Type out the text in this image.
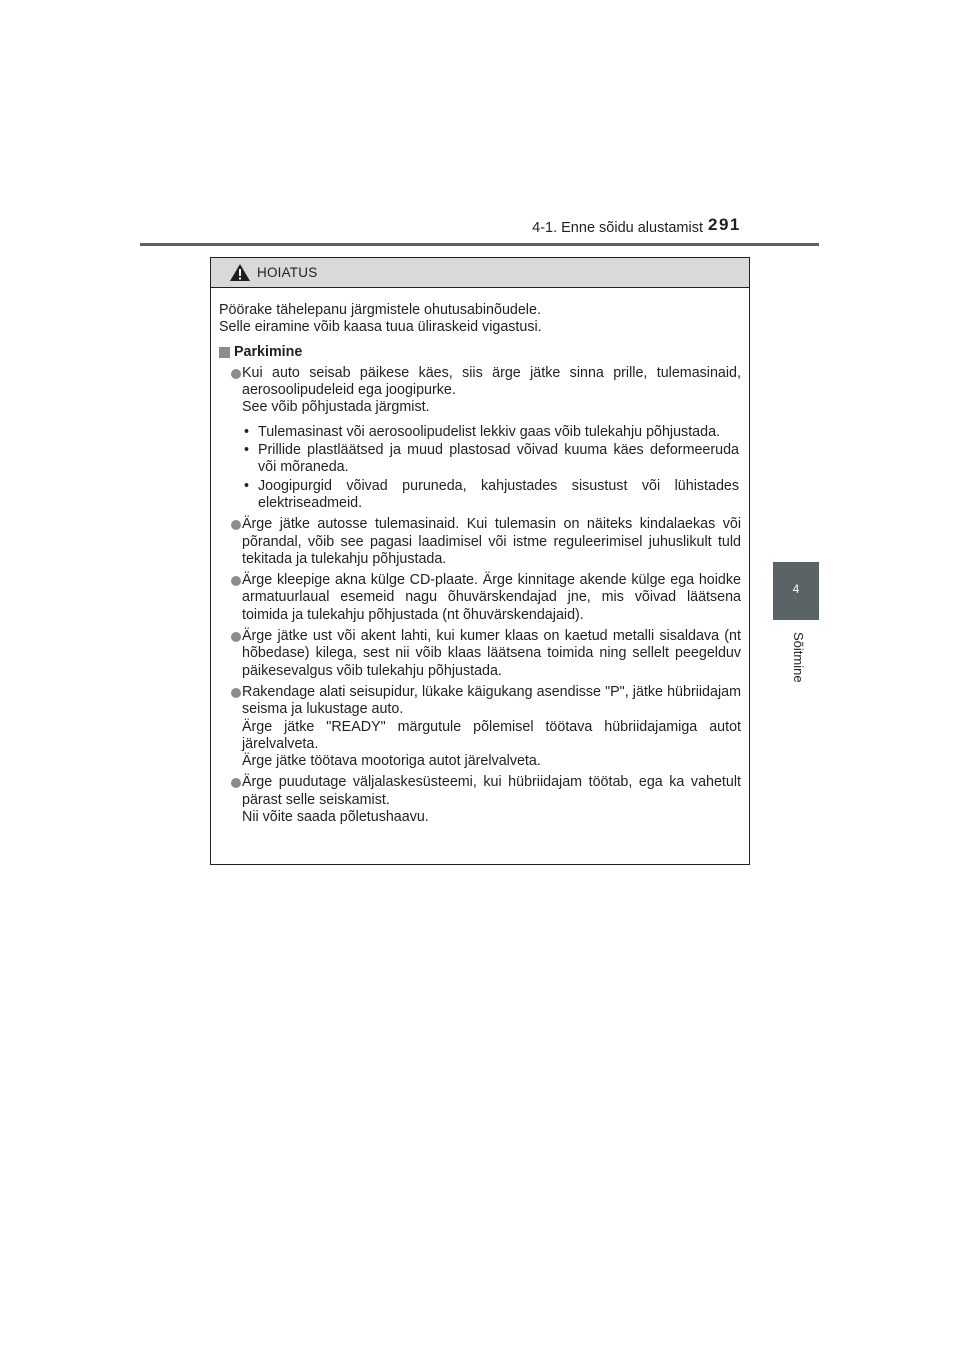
4-1. Enne sõidu alustamist 291
4
Sõitmine
HOIATUS

Pöörake tähelepanu järgmistele ohutusabinõudele.

Selle eiramine võib kaasa tuua üliraskeid vigastusi.

Parkimine

Kui auto seisab päikese käes, siis ärge jätke sinna prille, tulemasinaid, aerosoolipudeleid ega joogipurke.

See võib põhjustada järgmist.

• Tulemasinast või aerosoolipudelist lekkiv gaas võib tulekahju põhjustada.
• Prillide plastläätsed ja muud plastosad võivad kuuma käes deformeeruda või mõraneda.
• Joogipurgid võivad puruneda, kahjustades sisustust või lühistades elektriseadmeid.

Ärge jätke autosse tulemasinaid. Kui tulemasin on näiteks kindalaekas või põrandal, võib see pagasi laadimisel või istme reguleerimisel juhuslikult tuld tekitada ja tulekahju põhjustada.

Ärge kleepige akna külge CD-plaate. Ärge kinnitage akende külge ega hoidke armatuurlaual esemeid nagu õhuvärskendajad jne, mis võivad läätsena toimida ja tulekahju põhjustada (nt õhuvärskendajaid).

Ärge jätke ust või akent lahti, kui kumer klaas on kaetud metalli sisaldava (nt hõbedase) kilega, sest nii võib klaas läätsena toimida ning sellelt peegelduv päikesevalgus võib tulekahju põhjustada.

Rakendage alati seisupidur, lükake käigukang asendisse "P", jätke hübriidajam seisma ja lukustage auto.

Ärge jätke "READY" märgutule põlemisel töötava hübriidajamiga autot järelvalveta.

Ärge jätke töötava mootoriga autot järelvalveta.

Ärge puudutage väljalaskesüsteemi, kui hübriidajam töötab, ega ka vahetult pärast selle seiskamist.

Nii võite saada põletushaavu.
